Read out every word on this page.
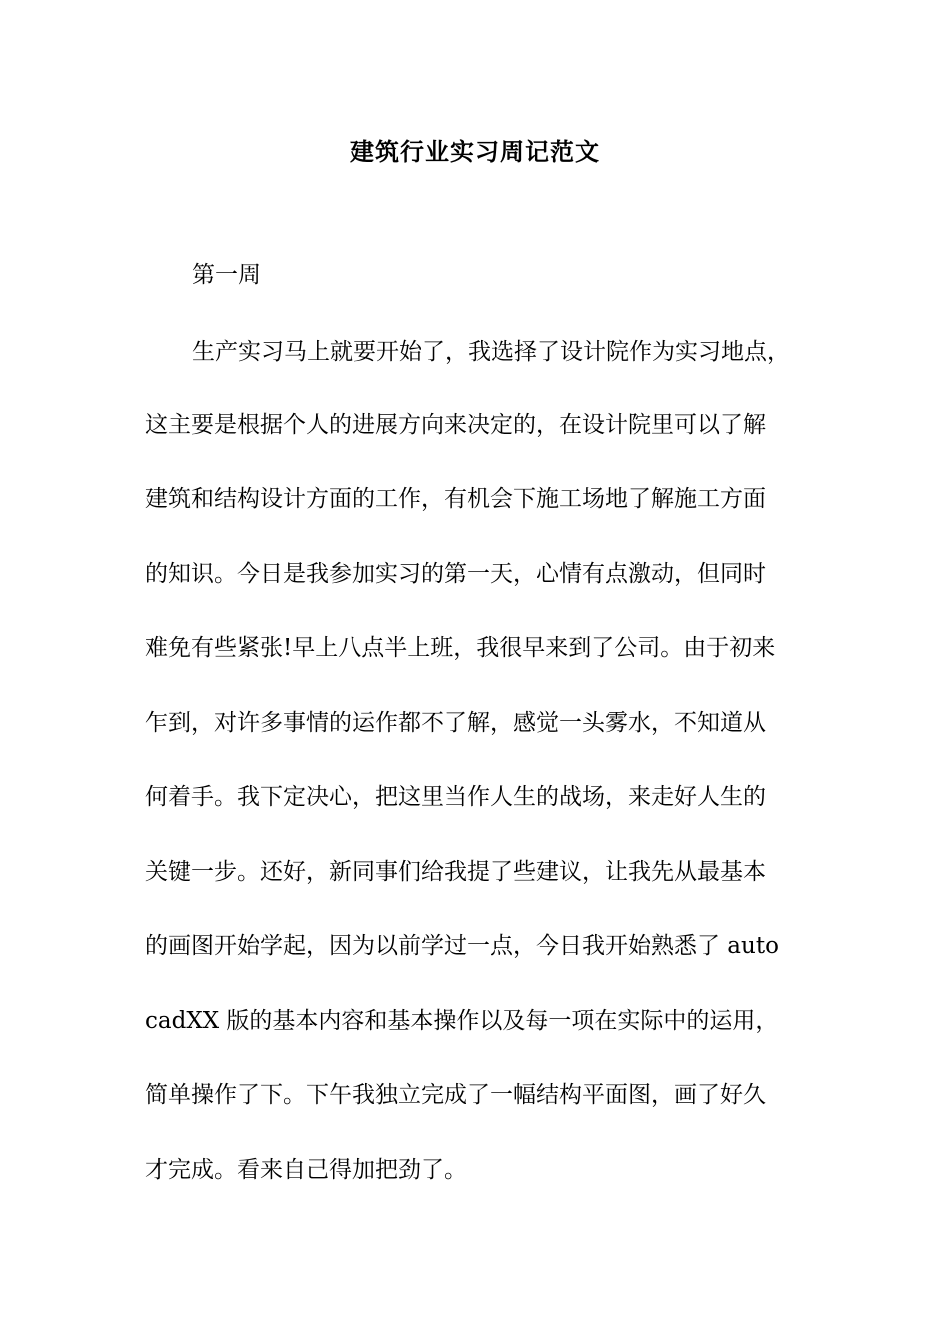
建筑行业实习周记范文

第一周

生产实习马上就要开始了，我选择了设计院作为实习地点，

这主要是根据个人的进展方向来决定的，在设计院里可以了解

建筑和结构设计方面的工作，有机会下施工场地了解施工方面

的知识。今日是我参加实习的第一天，心情有点激动，但同时

难免有些紧张!早上八点半上班，我很早来到了公司。由于初来

乍到，对许多事情的运作都不了解，感觉一头雾水，不知道从

何着手。我下定决心，把这里当作人生的战场，来走好人生的

关键一步。还好，新同事们给我提了些建议，让我先从最基本

的画图开始学起，因为以前学过一点，今日我开始熟悉了 auto

cadXX 版的基本内容和基本操作以及每一项在实际中的运用，

简单操作了下。下午我独立完成了一幅结构平面图，画了好久

才完成。看来自己得加把劲了。
